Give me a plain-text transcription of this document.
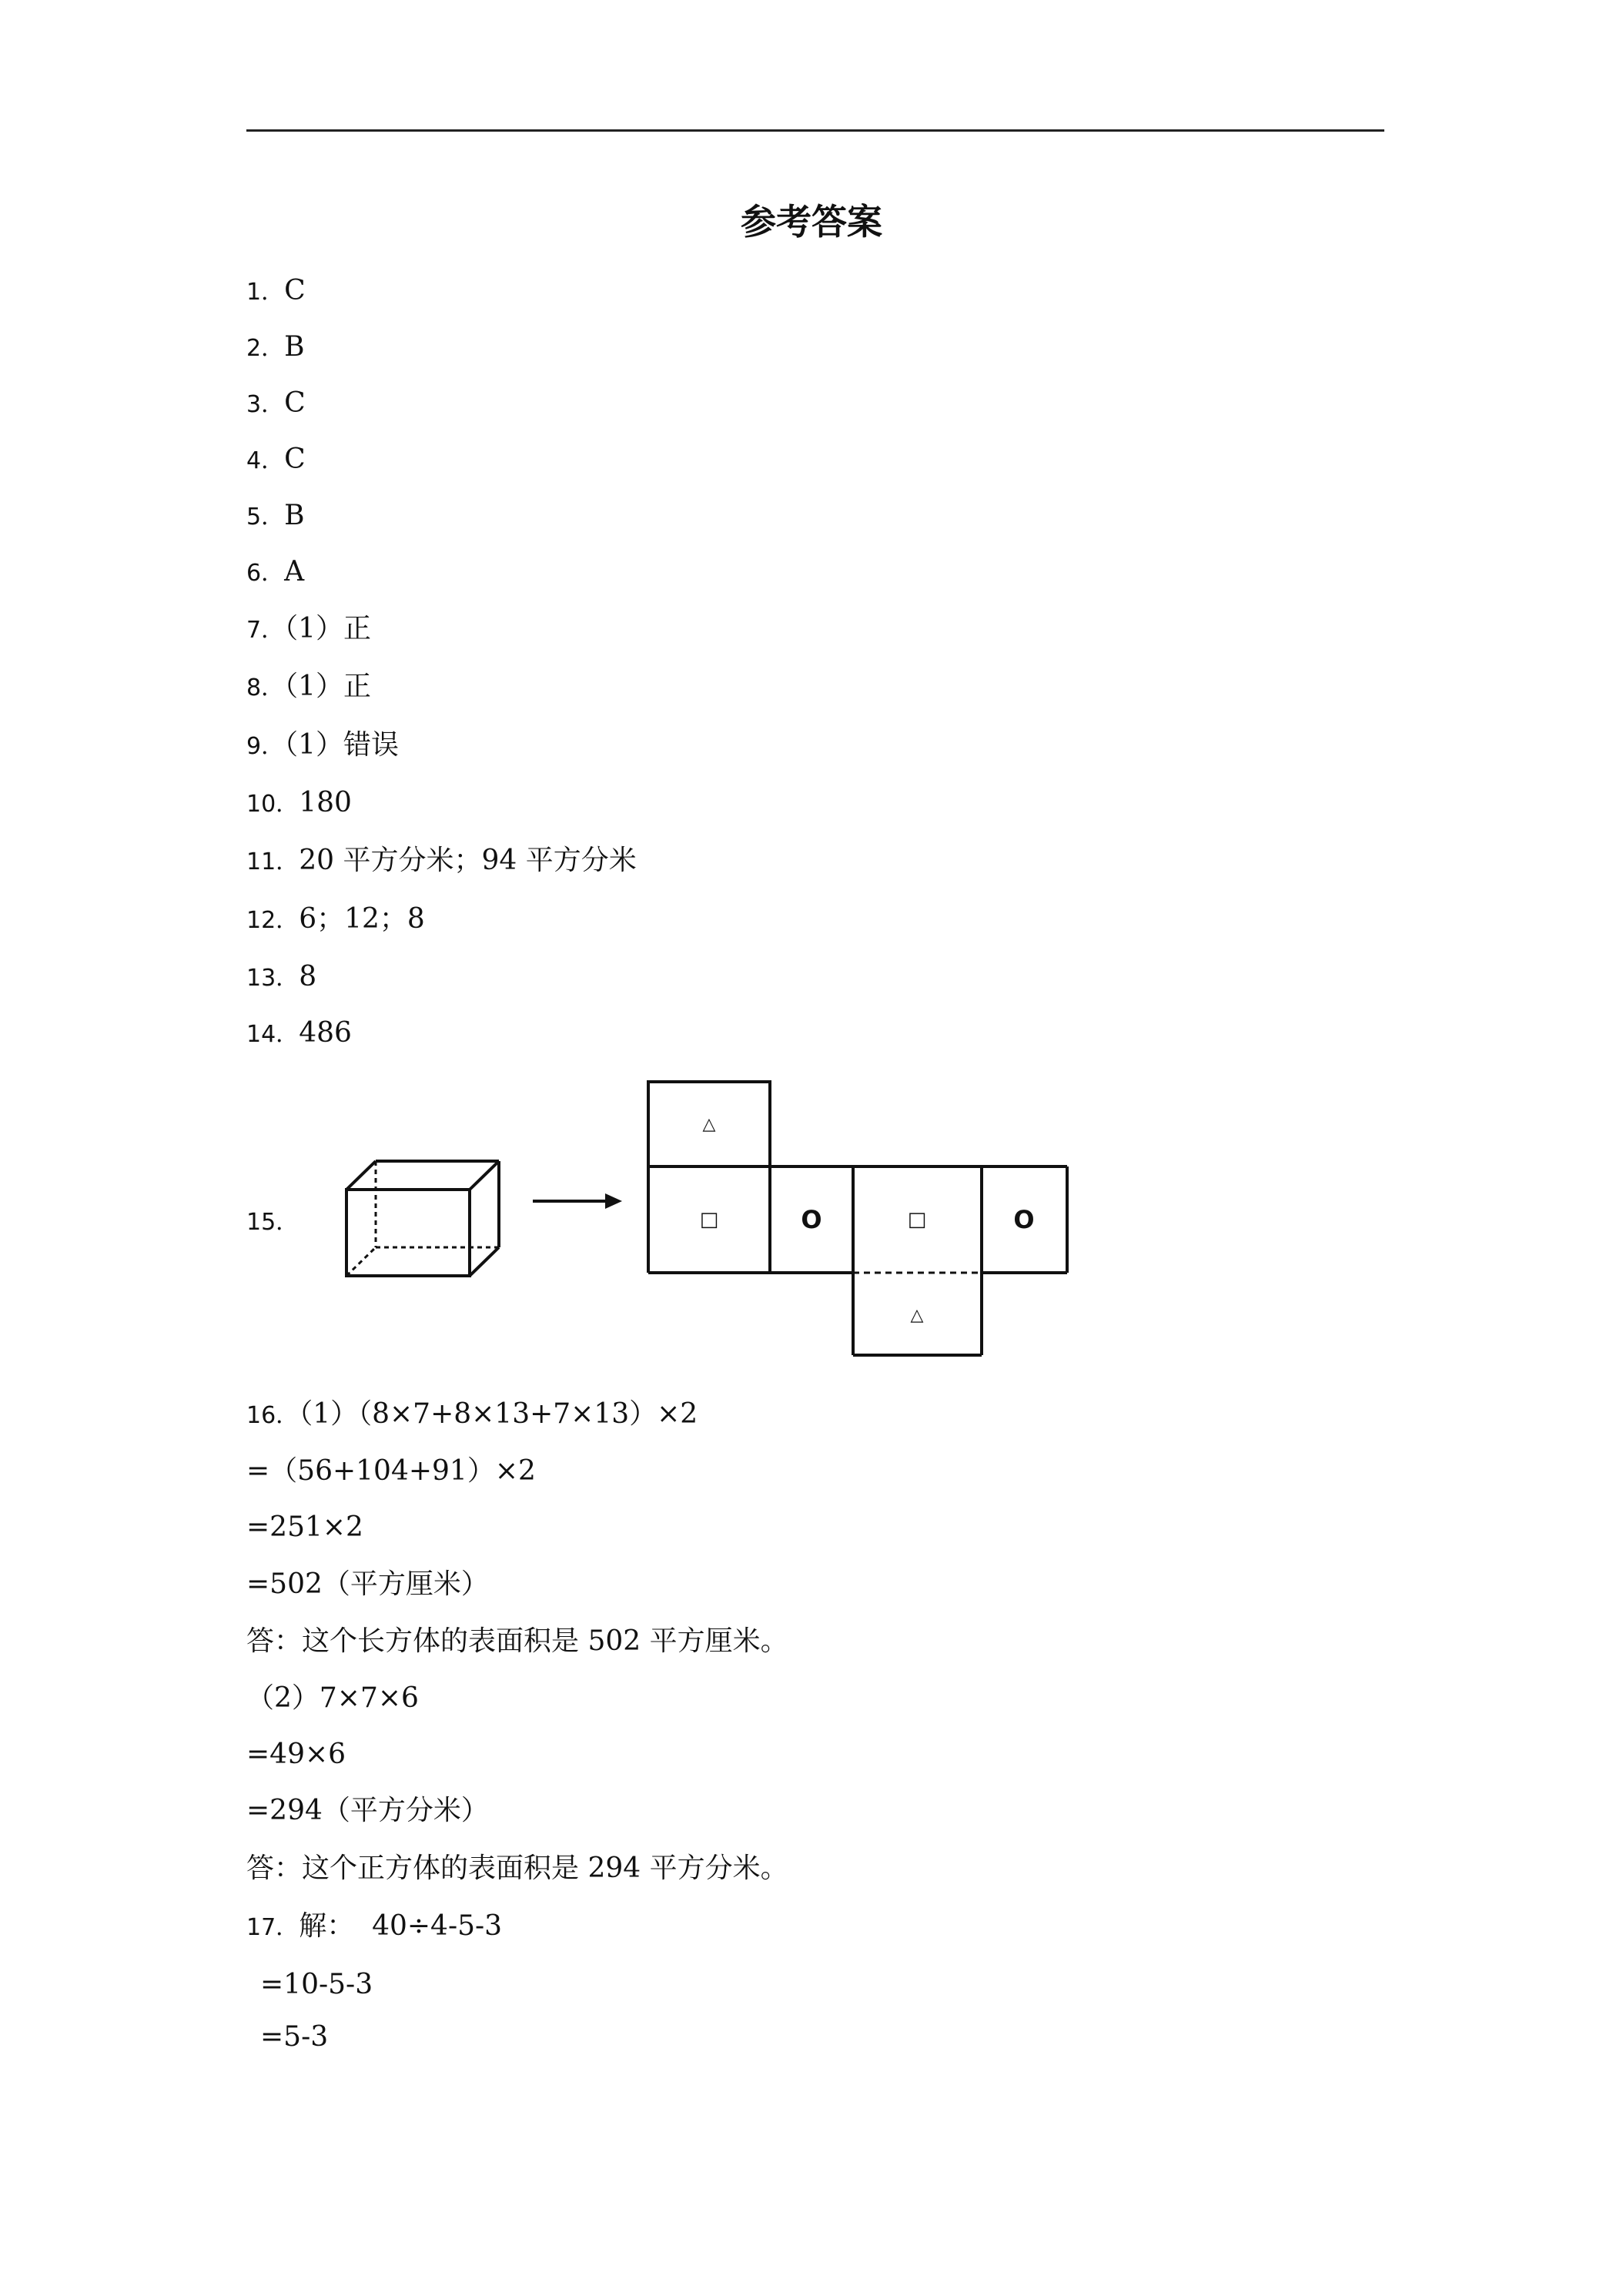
参考答案
1．C
2．B
3．C
4．C
5．B
6．A
7．（1）正
8．（1）正
9．（1）错误
10．180
11．20 平方分米；94 平方分米
12．6；12；8
13．8
14．486
15．
△
□	O	□	O
△
16．（1）（8×7+8×13+7×13）×2
=（56+104+91）×2
=251×2
=502（平方厘米）
答：这个长方体的表面积是 502 平方厘米。
（2）7×7×6
=49×6
=294（平方分米）
答：这个正方体的表面积是 294 平方分米。
17．解：  40÷4-5-3
=10-5-3
=5-3
